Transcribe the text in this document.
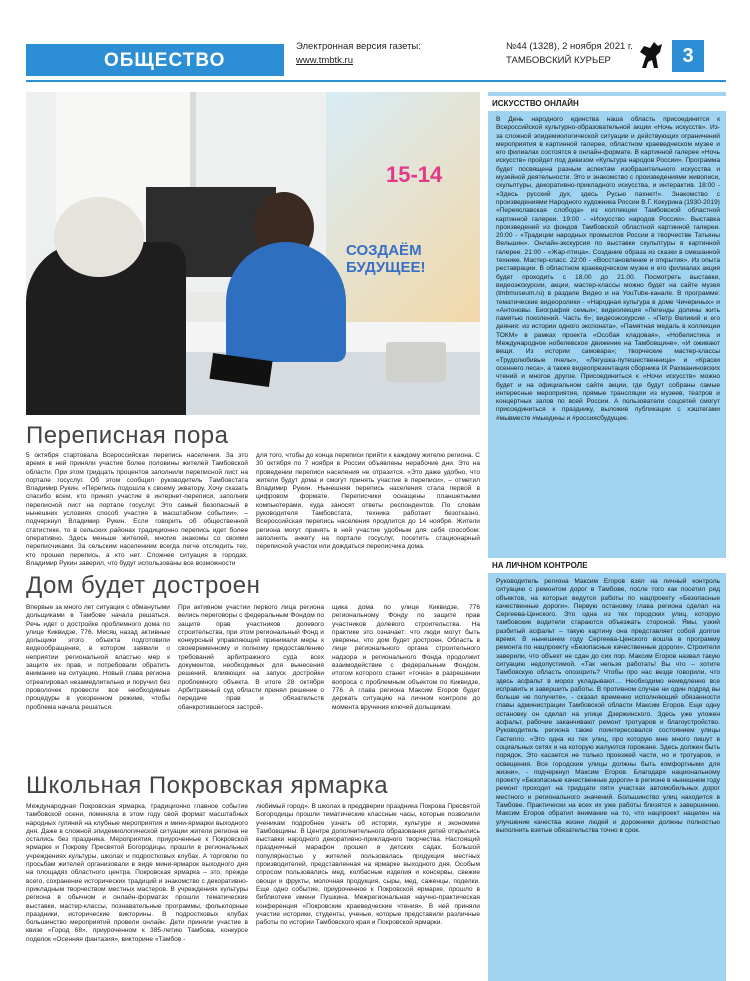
ОБЩЕСТВО
Электронная версия газеты:
www.tmbtk.ru
№44 (1328), 2 ноября 2021 г.
ТАМБОВСКИЙ КУРЬЕР	3
15-14
СОЗДАЁМ БУДУЩЕЕ!
Переписная пора
5 октября стартовала Всероссийская перепись населения. За это время в ней приняли участие более половины жителей Тамбовской области. При этом тридцать процентов заполнили переписной лист на портале госуслуг. Об этом сообщил руководитель Тамбовстата Владимир Рукин. «Перепись подошла к своему экватору. Хочу сказать спасибо всем, кто принял участие в интернет-переписи, заполнив переписной лист на портале госуслуг. Это самый безопасный в нынешних условиях способ участия в масштабном событии», – подчеркнул Владимир Рукин. Если говорить об общественной статистике, то в сельских районах традиционно перепись идет более оперативно. Здесь меньше жителей, многие знакомы со своими переписчиками. За сельским населением всегда легче отследить тех, кто прошел перепись, а кто нет. Сложнее ситуация в городах. Владимир Рукин заверил, что будут использованы все возможности
для того, чтобы до конца переписи прийти к каждому жителю региона. С 30 октября по 7 ноября в России объявлены нерабочие дни. Это на проведении переписи населения не отразится. «Это даже удобно, что жители будут дома и смогут принять участие в переписи», – отметил Владимир Рукин. Нынешняя перепись населения стала первой в цифровом формате. Переписчики оснащены планшетными компьютерами, куда заносят ответы респондентов. По словам руководителя Тамбовстата, техника работает безотказно. Всероссийская перепись населения продлится до 14 ноября. Жители региона могут принять в ней участие удобным для себя способом: заполнить анкету на портале госуслуг, посетить стационарный переписной участок или дождаться переписчика дома.
Дом будет достроен
Впервые за много лет ситуация с обманутыми дольщиками в Тамбове начала решаться. Речь идет о достройке проблемного дома по улице Киквидзе, 776. Месяц назад активные дольщики этого объекта подготовили видеообращение, в котором заявили о неприятии региональной властью мер к защите их прав, и потребовали обратить внимание на ситуацию. Новый глава региона отреагировал незамедлительно и поручил без проволочек провести все необходимые процедуры в ускоренном режиме, чтобы проблема начала решаться.
При активном участии первого лица региона велись переговоры с федеральным Фондом по защите прав участников долевого строительства, при этом региональный Фонд и конкурсный управляющий принимали меры к своевременному и полному предоставлению требований арбитражного суда всех документов, необходимых для вынесения решений, влияющих на запуск достройки проблемного объекта. В итоге 28 октября Арбитражный суд области принял решение о передаче прав и обязательств обанкротившегося застрой-
щика дома по улице Киквидзе, 776 региональному Фонду по защите прав участников долевого строительства. На практике это означает: что люди могут быть уверены, что дом будет достроен. Область в лице регионального органа строительного надзора и регионального Фонда продолжит взаимодействие с федеральным Фондом, итогом которого станет «точка» в разрешении вопроса с проблемным объектом по Киквидзе, 776. А глава региона Максим Егоров будет держать ситуацию на личном контроле до момента вручения ключей дольщикам.
Школьная Покровская ярмарка
Международная Покровская ярмарка, традиционно главное событие тамбовской осени, поменяла в этом году свой формат масштабных народных гуляний на клубные мероприятия и мини-ярмарки выходного дня. Даже в сложной эпидемиологической ситуации жители региона не остались без праздника. Мероприятия, приуроченные к Покровской ярмарке и Покрову Пресвятой Богородицы, прошли в региональных учреждениях культуры, школах и подростковых клубах. А торговлю по просьбам жителей организовали в виде мини-ярмарок выходного дня на площадях областного центра. Покровская ярмарка – это, прежде всего, сохранение исторических традиций и знакомство с декоративно-прикладным творчеством местных мастеров. В учреждениях культуры региона в обычном и онлайн-форматах прошли тематические выставки, мастер-классы, познавательные программы, фольклорные праздники, исторические викторины. В подростковых клубах большинство мероприятий провели онлайн. Дети приняли участие в квизе «Город 68», приуроченном к 385-летию Тамбова, конкурсе поделок «Осенняя фантазия», викторине «Тамбов -
любимый город». В школах в преддверии праздника Покрова Пресвятой Богородицы прошли тематические классные часы, которые позволили ученикам подробнее узнать об истории, культуре и экономике Тамбовщины. В Центре дополнительного образования детей открылись выставки народного декоративно-прикладного творчества. Настоящий праздничный марафон прошел в детских садах. Большой популярностью у жителей пользовалась продукция местных производителей, представленная на ярмарке выходного дня. Особым спросом пользовались мед, колбасные изделия и консервы, свежие овощи и фрукты, молочная продукция, сыры, мед, саженцы, поделки. Еще одно событие, приуроченное к Покровской ярмарке, прошло в библиотеке имени Пушкина. Межрегиональная научно-практическая конференция «Покровские краеведческие чтения». В ней приняли участие историки, студенты, ученые, которые представили различные работы по истории Тамбовского края и Покровской ярмарки.
ИСКУССТВО ОНЛАЙН
В День народного единства наша область присоединится к Всероссийской культурно-образовательной акции «Ночь искусств». Из-за сложной эпидемиологической ситуации и действующих ограничений мероприятия в картинной галерее, областном краеведческом музее и его филиалах состоятся в онлайн-формате. В картинной галерее «Ночь искусств» пройдет под девизом «Культура народов России». Программа будет посвящена разным аспектам изобразительного искусства и музейной деятельности. Это и знакомство с произведениями живописи, скульптуры, декоративно-прикладного искусства, и интерактив. 18:00 - «Здесь русский дух, здесь Русью пахнет!». Знакомство с произведениями Народного художника России В.Г. Кокурина (1930-2019) «Переяславская слобода» из коллекции Тамбовской областной картинной галереи. 19:00 - «Искусство народов России». Выставка произведений из фондов Тамбовской областной картинной галереи. 20:00 - «Традиции народных промыслов России в творчестве Татьяны Вельшин». Онлайн-экскурсия по выставке скульптуры в картинной галерее. 21:00 - «Жар-птица». Создание образа из сказки в смешанной технике. Мастер-класс. 22:00 - «Восстановление и открытия». Из опыта реставрации. В областном краеведческом музее и его филиалах акция будет проходить с 18.00 до 21.00. Посмотреть выставки, видеоэкскурсии, акции, мастер-классы можно будет на сайте музея (tmbmuseum.ru) в разделе Видео и на YouTube-канале. В программе: тематические видеоролики - «Народная культура в доме Чичериных» и «Антоновы. Биография семьи»; видеолекция «Легенды долины жить памятью поколений. Часть 6»; видеоэкскурсии - «Петр Великий и его деяния: из истории одного экспоната», «Памятная медаль в коллекции ТОКМ» в рамках проекта «Особая кладовая», «Нобелистика и Международное нобелевское движение на Тамбовщине», «И оживают вещи. Из истории самовара»; творческие мастер-классы «Трудолюбивые пчелы», «Лягушка-путешественница» и «Краски осеннего леса», а также видеопрезентация сборника IX Рахманиновских чтений и многое другое. Присоединиться к «Ночи искусств» можно будет и на официальном сайте акции, где будут собраны самые интересные мероприятия, прямые трансляции из музеев, театров и концертных залов по всей России. А пользователи соцсетей смогут присоединиться к празднику, выложив публикации с хэштегами #мывместе #мыедины и #россиясбудущее.
НА ЛИЧНОМ КОНТРОЛЕ
Руководитель региона Максим Егоров взял на личный контроль ситуацию с ремонтом дорог в Тамбове, после того как посетил ряд объектов, на которых ведутся работы по нацпроекту «Безопасные качественные дороги». Первую остановку глава региона сделал на Сергеева-Ценского. Это одна из тех городских улиц, которую тамбовские водители стараются объезжать стороной. Ямы, узкий разбитый асфальт – такую картину она представляет собой долгое время. В нынешнем году Сергеева-Ценского вошла в программу ремонта по нацпроекту «Безопасные качественные дороги». Строители заверили, что объект не сдан до сих пор. Максим Егоров назвал такую ситуацию недопустимой. «Так нельзя работать! Вы что – хотите Тамбовскую область опозорить? Чтобы про нас везде говорили, что здесь асфальт в мороз укладывают… Необходимо немедленно все исправить и завершить работы. В противном случае ни один подряд вы больше не получите», - сказал временно исполняющий обязанности главы администрации Тамбовской области Максим Егоров. Еще одну остановку он сделал на улице Дзержинского. Здесь уже уложен асфальт, рабочие заканчивают ремонт тротуаров и благоустройство. Руководитель региона также поинтересовался состоянием улицы Гастелло. «Это одна из тех улиц, про которую мне много пишут в социальных сетях и на которую жалуются горожане. Здесь должен быть порядок. Это касается не только проезжей части, но и тротуаров, и освещения. Все городские улицы должны быть комфортными для жизни», - подчеркнул Максим Егоров. Благодаря национальному проекту «Безопасные качественные дороги» в регионе в нынешнем году ремонт проходит на тридцати пяти участках автомобильных дорог местного и регионального значений. Большинство улиц находится в Тамбове. Практически на всех их уже работы близятся к завершению. Максим Егоров обратил внимание на то, что нацпроект нацелен на улучшение качества жизни людей и дорожники должны полностью выполнить взятые обязательства точно в срок.
